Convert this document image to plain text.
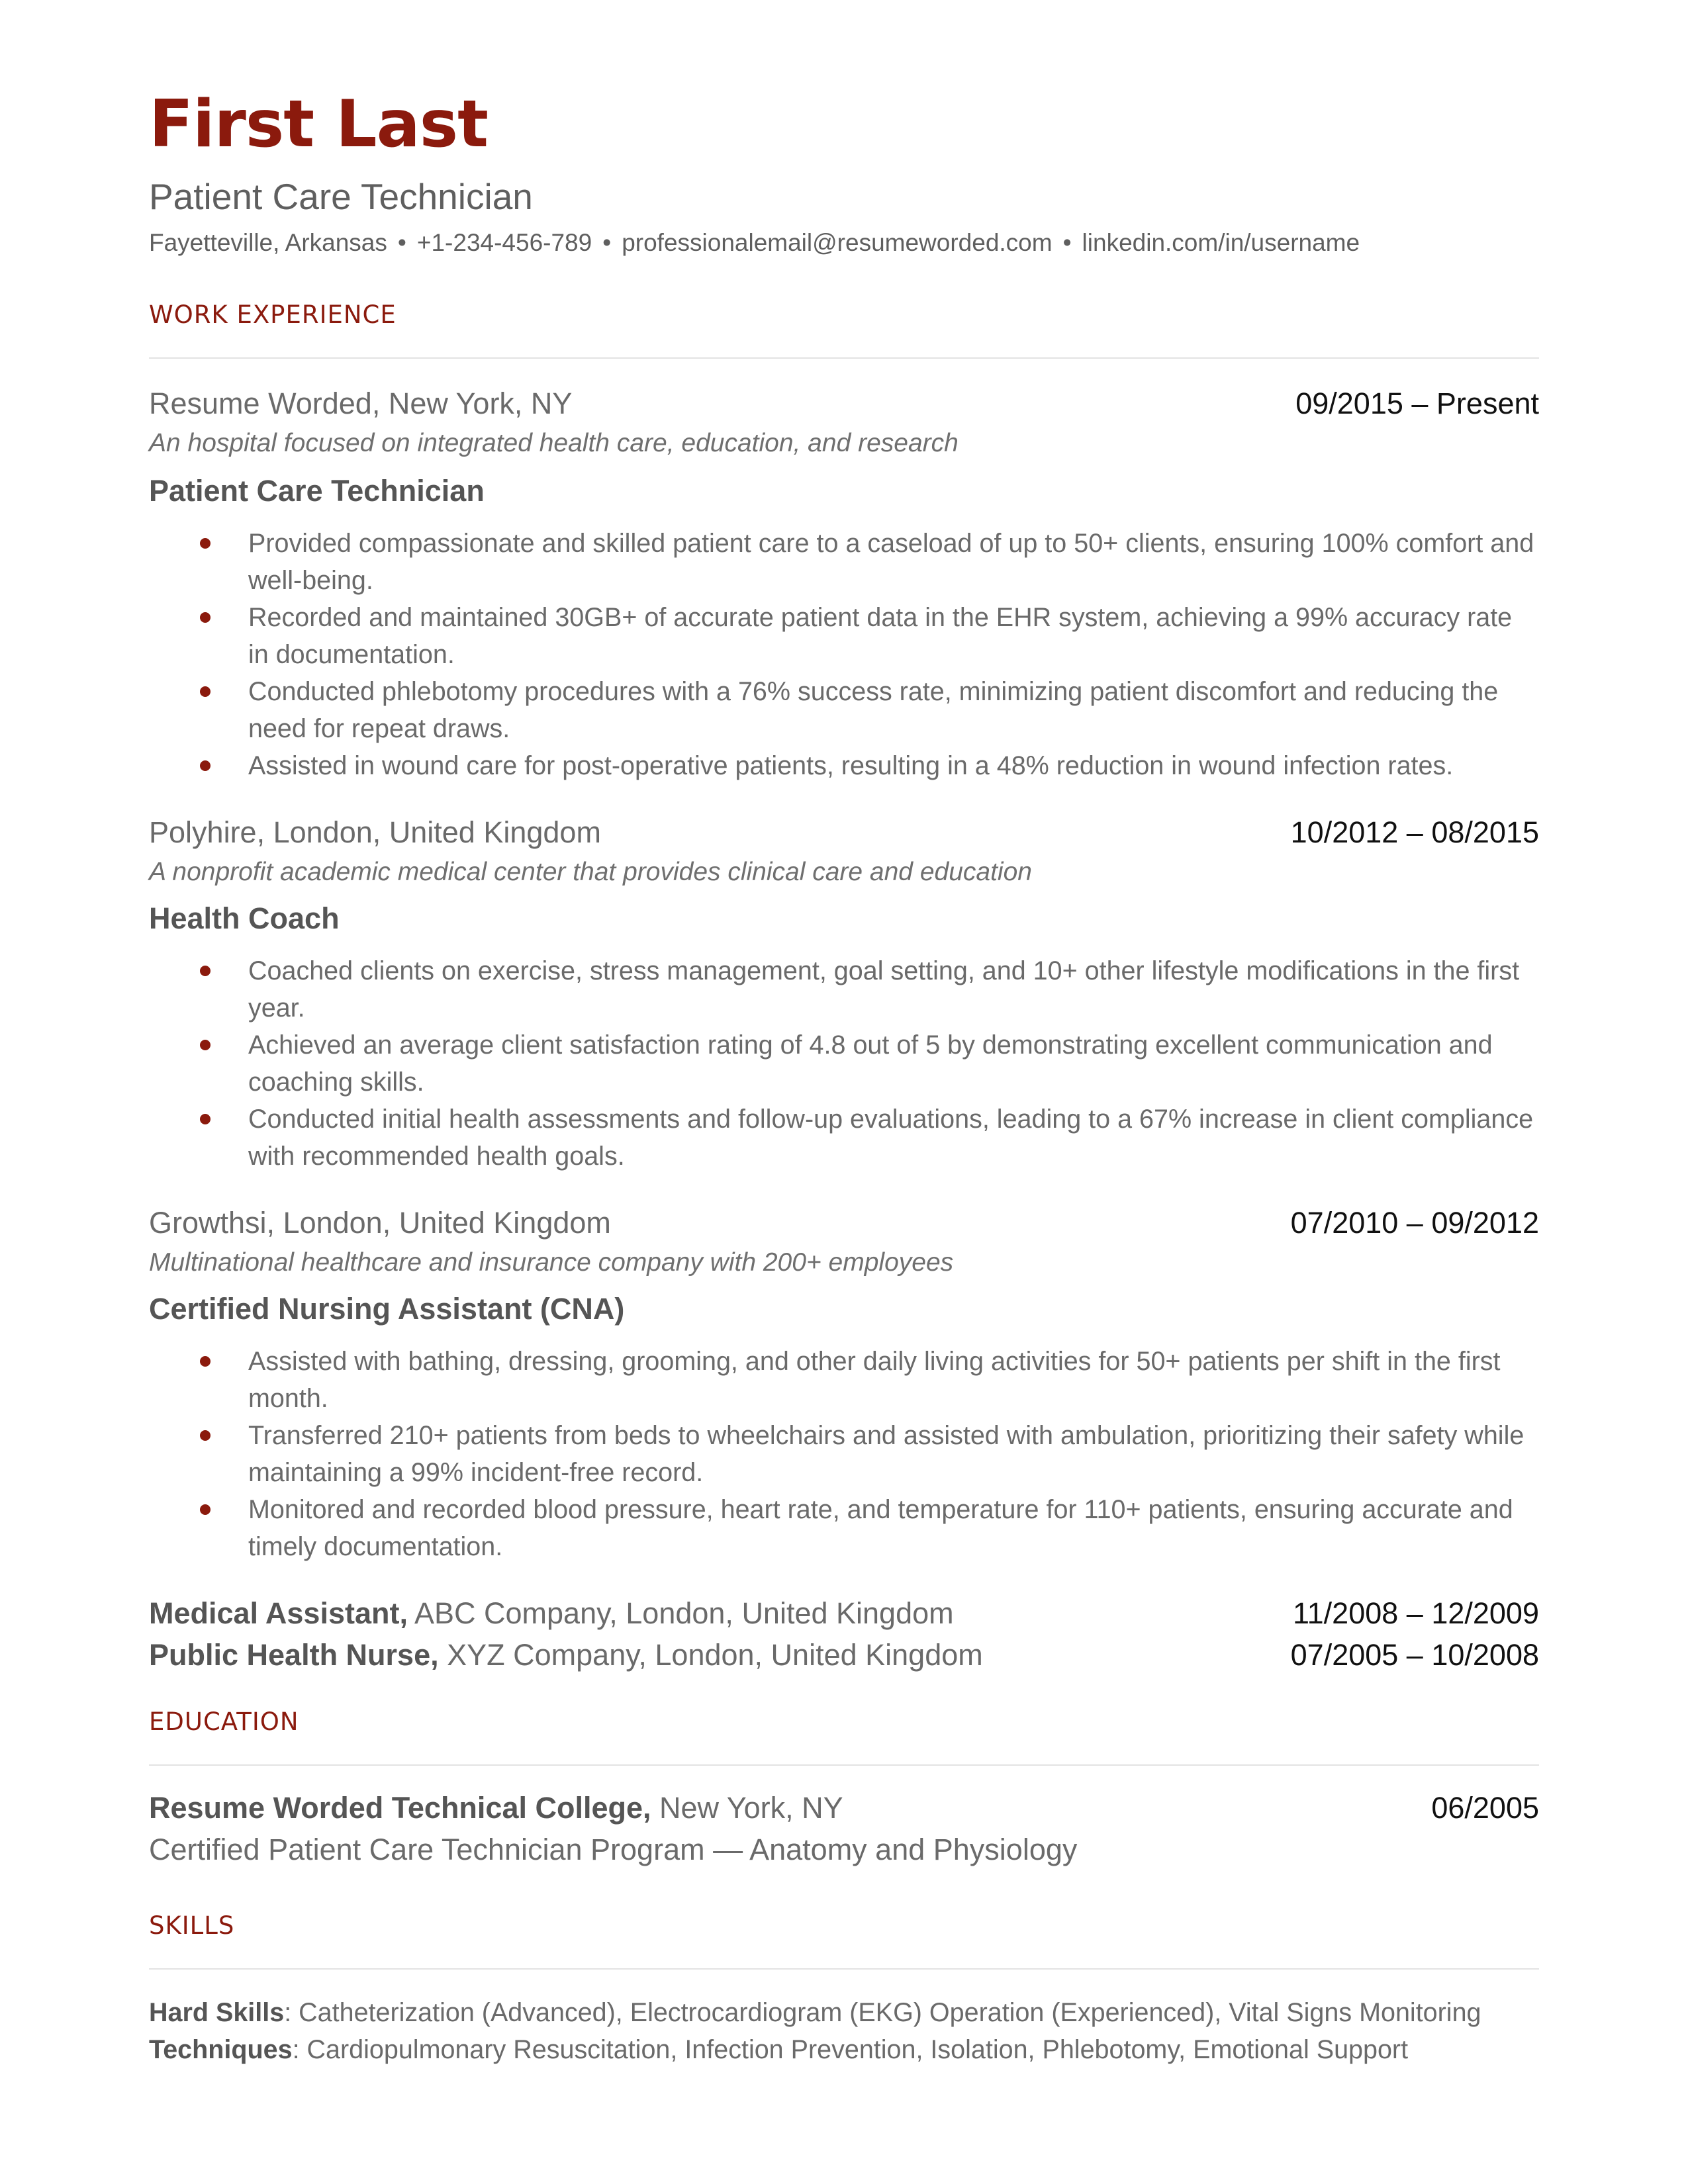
First Last
Patient Care Technician
Fayetteville, Arkansas • +1-234-456-789 • professionalemail@resumeworded.com • linkedin.com/in/username
WORK EXPERIENCE
Resume Worded, New York, NY	09/2015 – Present
An hospital focused on integrated health care, education, and research
Patient Care Technician
Provided compassionate and skilled patient care to a caseload of up to 50+ clients, ensuring 100% comfort and well-being.
Recorded and maintained 30GB+ of accurate patient data in the EHR system, achieving a 99% accuracy rate in documentation.
Conducted phlebotomy procedures with a 76% success rate, minimizing patient discomfort and reducing the need for repeat draws.
Assisted in wound care for post-operative patients, resulting in a 48% reduction in wound infection rates.
Polyhire, London, United Kingdom	10/2012 – 08/2015
A nonprofit academic medical center that provides clinical care and education
Health Coach
Coached clients on exercise, stress management, goal setting, and 10+ other lifestyle modifications in the first year.
Achieved an average client satisfaction rating of 4.8 out of 5 by demonstrating excellent communication and coaching skills.
Conducted initial health assessments and follow-up evaluations, leading to a 67% increase in client compliance with recommended health goals.
Growthsi, London, United Kingdom	07/2010 – 09/2012
Multinational healthcare and insurance company with 200+ employees
Certified Nursing Assistant (CNA)
Assisted with bathing, dressing, grooming, and other daily living activities for 50+ patients per shift in the first month.
Transferred 210+ patients from beds to wheelchairs and assisted with ambulation, prioritizing their safety while maintaining a 99% incident-free record.
Monitored and recorded blood pressure, heart rate, and temperature for 110+ patients, ensuring accurate and timely documentation.
Medical Assistant, ABC Company, London, United Kingdom	11/2008 – 12/2009
Public Health Nurse, XYZ Company, London, United Kingdom	07/2005 – 10/2008
EDUCATION
Resume Worded Technical College, New York, NY	06/2005
Certified Patient Care Technician Program — Anatomy and Physiology
SKILLS
Hard Skills: Catheterization (Advanced), Electrocardiogram (EKG) Operation (Experienced), Vital Signs Monitoring
Techniques: Cardiopulmonary Resuscitation, Infection Prevention, Isolation, Phlebotomy, Emotional Support
